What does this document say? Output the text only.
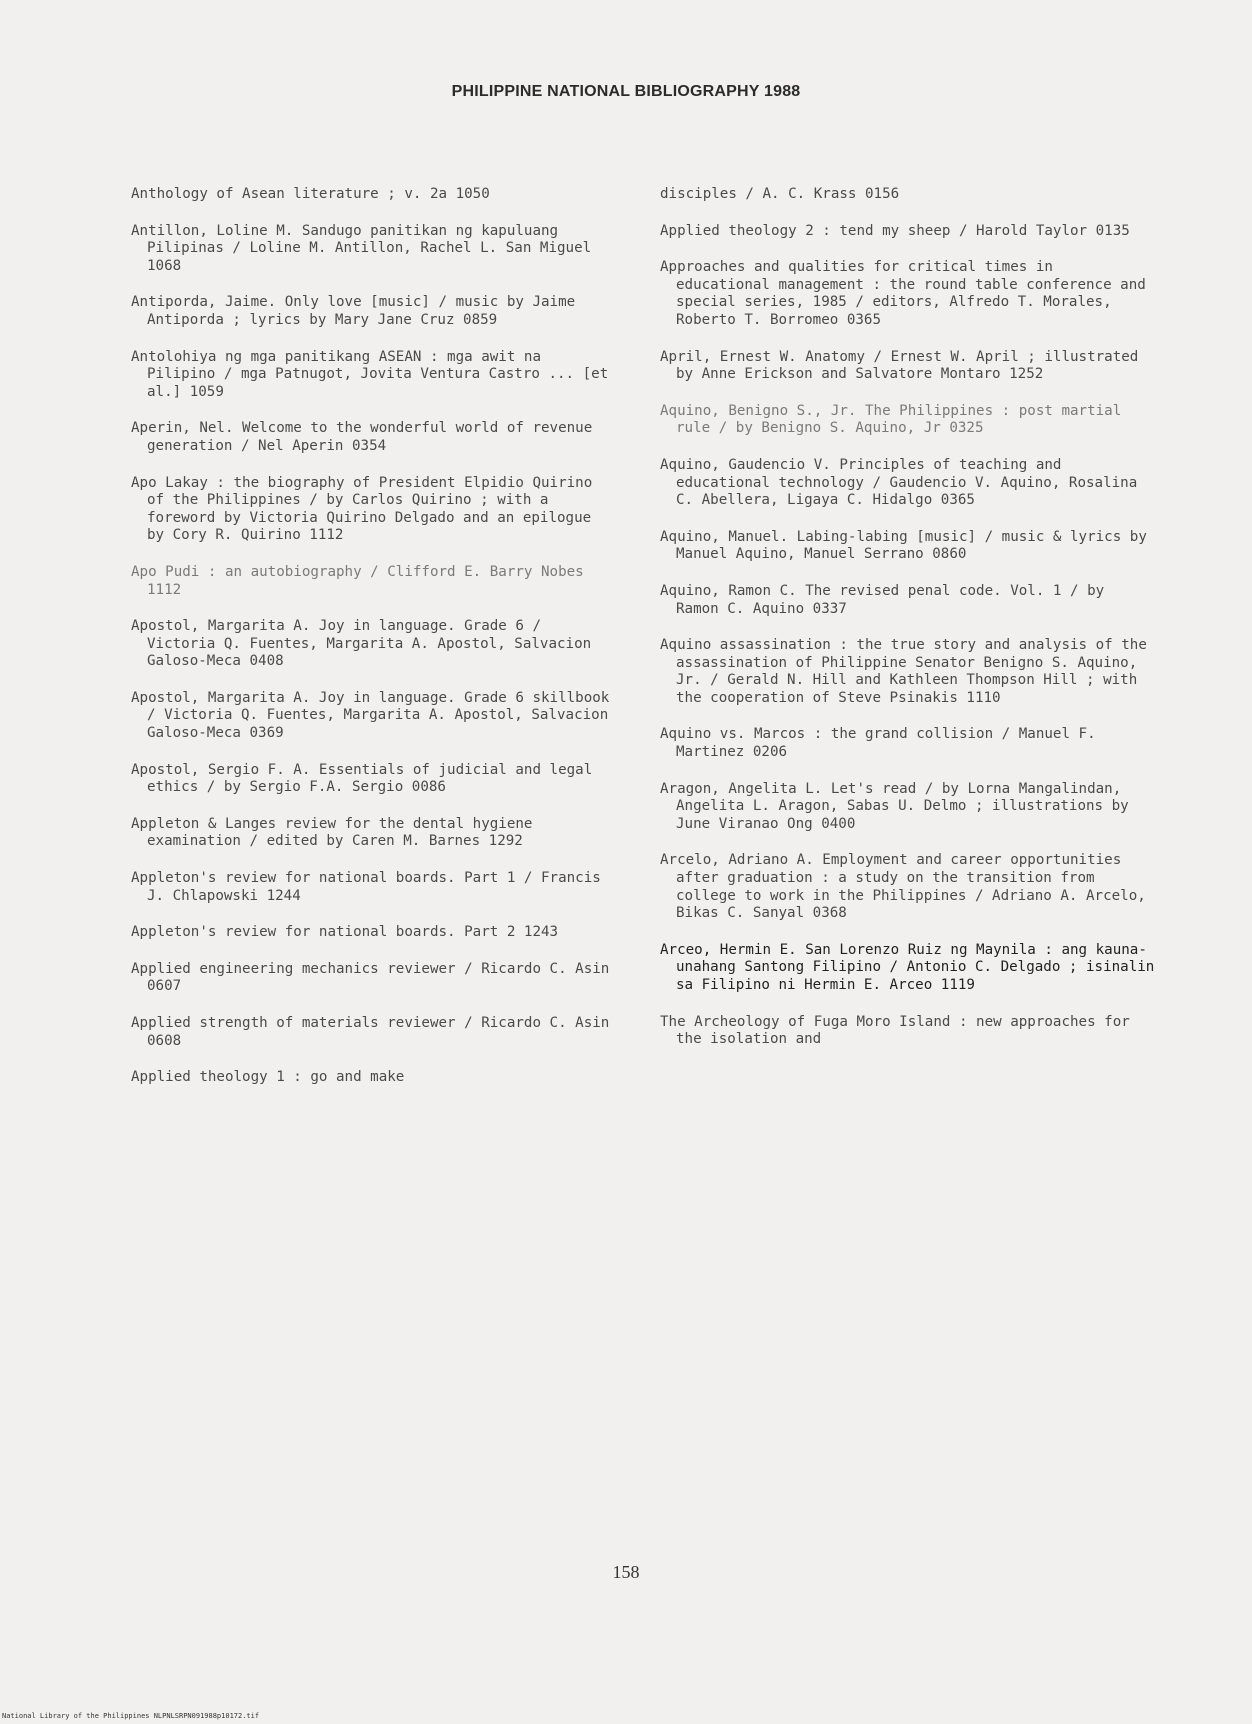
PHILIPPINE NATIONAL BIBLIOGRAPHY 1988

Anthology of Asean literature ; v. 2a 1050

Antillon, Loline M. Sandugo panitikan ng kapuluang Pilipinas / Loline M. Antillon, Rachel L. San Miguel 1068

Antiporda, Jaime. Only love [music] / music by Jaime Antiporda ; lyrics by Mary Jane Cruz 0859

Antolohiya ng mga panitikang ASEAN : mga awit na Pilipino / mga Patnugot, Jovita Ventura Castro ... [et al.] 1059

Aperin, Nel. Welcome to the wonderful world of revenue generation / Nel Aperin 0354

Apo Lakay : the biography of President Elpidio Quirino of the Philippines / by Carlos Quirino ; with a foreword by Victoria Quirino Delgado and an epilogue by Cory R. Quirino 1112

Apo Pudi : an autobiography / Clifford E. Barry Nobes 1112

Apostol, Margarita A. Joy in language. Grade 6 / Victoria Q. Fuentes, Margarita A. Apostol, Salvacion Galoso-Meca 0408

Apostol, Margarita A. Joy in language. Grade 6 skillbook / Victoria Q. Fuentes, Margarita A. Apostol, Salvacion Galoso-Meca 0369

Apostol, Sergio F. A. Essentials of judicial and legal ethics / by Sergio F.A. Sergio 0086

Appleton & Langes review for the dental hygiene examination / edited by Caren M. Barnes 1292

Appleton's review for national boards. Part 1 / Francis J. Chlapowski 1244

Appleton's review for national boards. Part 2 1243

Applied engineering mechanics reviewer / Ricardo C. Asin 0607

Applied strength of materials reviewer / Ricardo C. Asin 0608

Applied theology 1 : go and make

disciples / A. C. Krass 0156

Applied theology 2 : tend my sheep / Harold Taylor 0135

Approaches and qualities for critical times in educational management : the round table conference and special series, 1985 / editors, Alfredo T. Morales, Roberto T. Borromeo 0365

April, Ernest W. Anatomy / Ernest W. April ; illustrated by Anne Erickson and Salvatore Montaro 1252

Aquino, Benigno S., Jr. The Philippines : post martial rule / by Benigno S. Aquino, Jr 0325

Aquino, Gaudencio V. Principles of teaching and educational technology / Gaudencio V. Aquino, Rosalina C. Abellera, Ligaya C. Hidalgo 0365

Aquino, Manuel. Labing-labing [music] / music & lyrics by Manuel Aquino, Manuel Serrano 0860

Aquino, Ramon C. The revised penal code. Vol. 1 / by Ramon C. Aquino 0337

Aquino assassination : the true story and analysis of the assassination of Philippine Senator Benigno S. Aquino, Jr. / Gerald N. Hill and Kathleen Thompson Hill ; with the cooperation of Steve Psinakis 1110

Aquino vs. Marcos : the grand collision / Manuel F. Martinez 0206

Aragon, Angelita L. Let's read / by Lorna Mangalindan, Angelita L. Aragon, Sabas U. Delmo ; illustrations by June Viranao Ong 0400

Arcelo, Adriano A. Employment and career opportunities after graduation : a study on the transition from college to work in the Philippines / Adriano A. Arcelo, Bikas C. Sanyal 0368

Arceo, Hermin E. San Lorenzo Ruiz ng Maynila : ang kauna-unahang Santong Filipino / Antonio C. Delgado ; isinalin sa Filipino ni Hermin E. Arceo 1119

The Archeology of Fuga Moro Island : new approaches for the isolation and

158
National Library of the Philippines NLPNLSRPN091988p10172.tif
